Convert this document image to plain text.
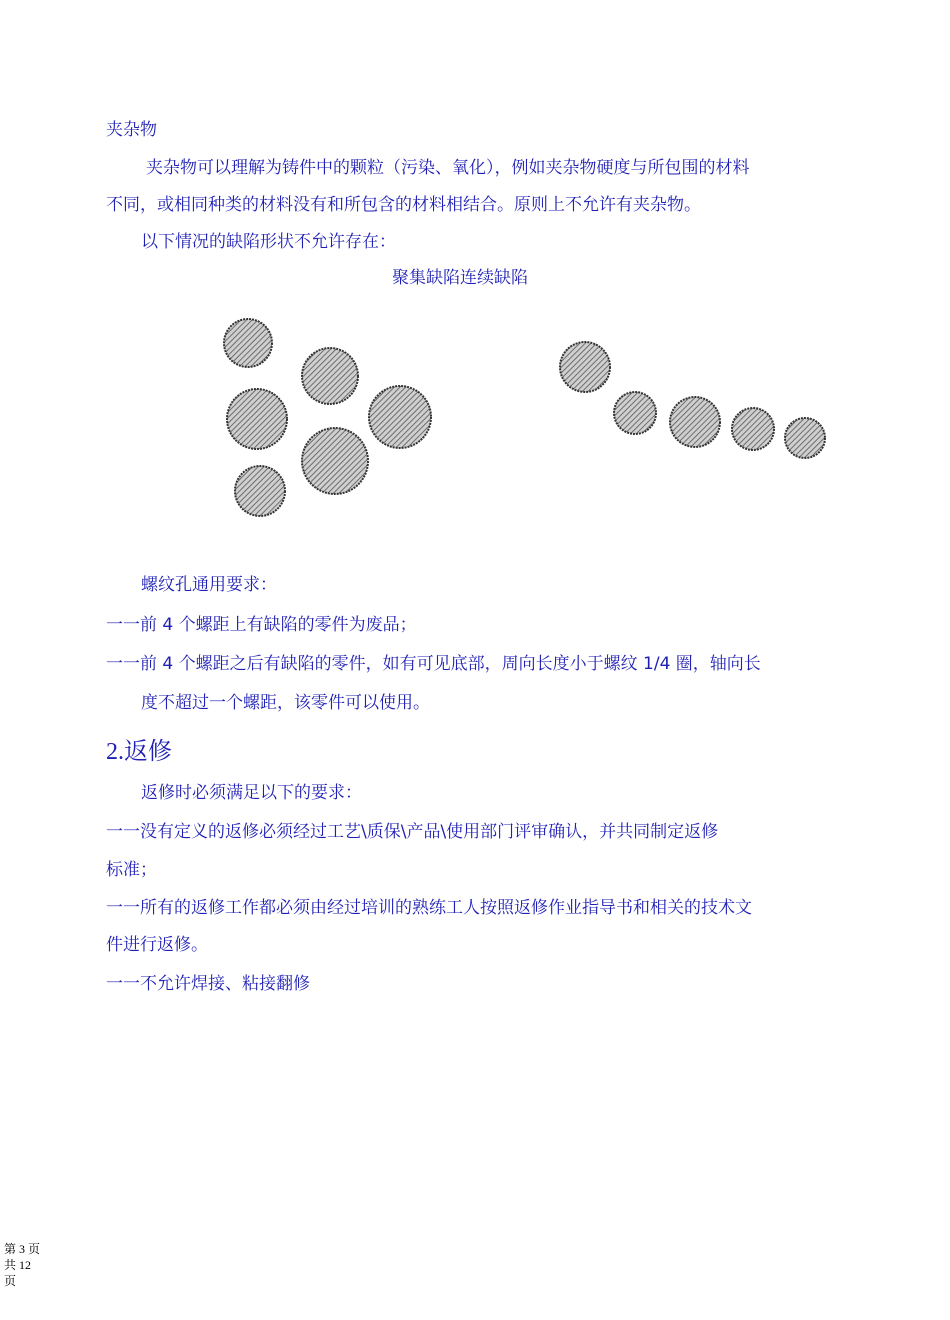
夹杂物
夹杂物可以理解为铸件中的颗粒（污染、氧化），例如夹杂物硬度与所包围的材料
不同，或相同种类的材料没有和所包含的材料相结合。原则上不允许有夹杂物。
以下情况的缺陷形状不允许存在：
聚集缺陷连续缺陷
螺纹孔通用要求：
一一前 4 个螺距上有缺陷的零件为废品；
一一前 4 个螺距之后有缺陷的零件，如有可见底部，周向长度小于螺纹 1/4 圈，轴向长
度不超过一个螺距，该零件可以使用。
2.返修
返修时必须满足以下的要求：
一一没有定义的返修必须经过工艺\质保\产品\使用部门评审确认，并共同制定返修
标准；
一一所有的返修工作都必须由经过培训的熟练工人按照返修作业指导书和相关的技术文
件进行返修。
一一不允许焊接、粘接翻修
第 3 页
共 12
页
